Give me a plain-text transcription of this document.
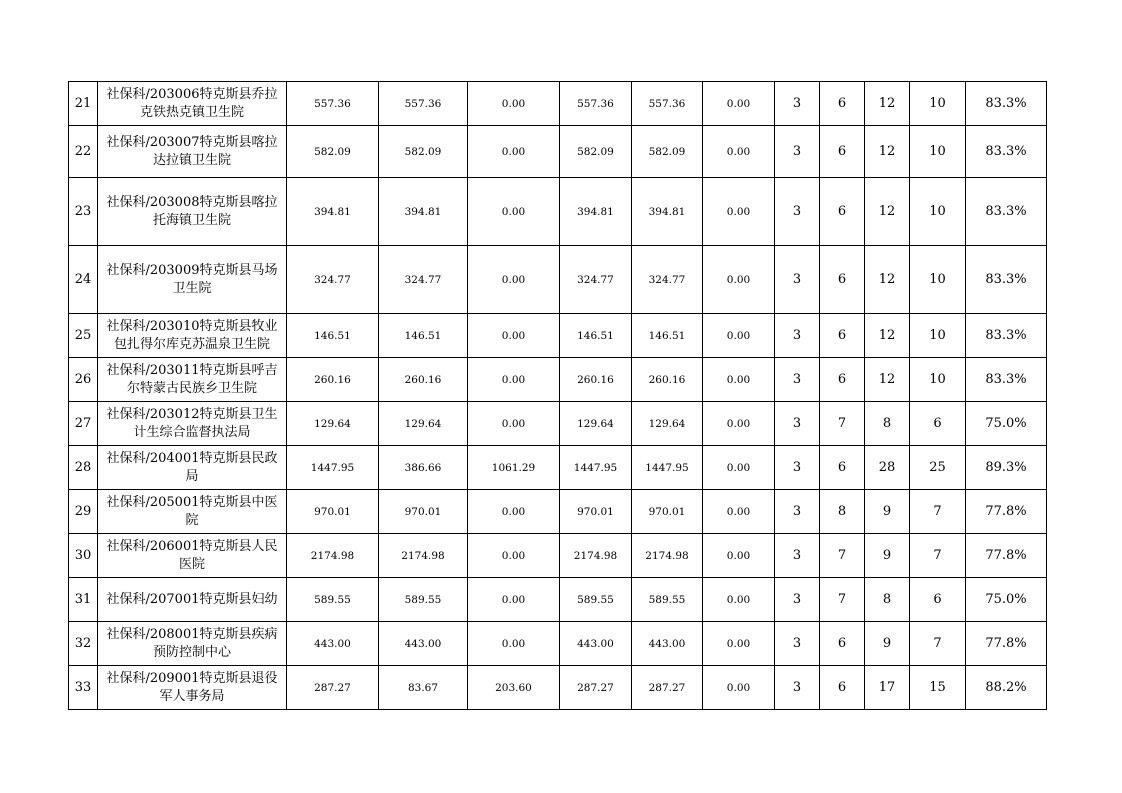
21	社保科/203006特克斯县乔拉克铁热克镇卫生院	557.36	557.36	0.00	557.36	557.36	0.00	3	6	12	10	83.3%
22	社保科/203007特克斯县喀拉达拉镇卫生院	582.09	582.09	0.00	582.09	582.09	0.00	3	6	12	10	83.3%
23	社保科/203008特克斯县喀拉托海镇卫生院	394.81	394.81	0.00	394.81	394.81	0.00	3	6	12	10	83.3%
24	社保科/203009特克斯县马场卫生院	324.77	324.77	0.00	324.77	324.77	0.00	3	6	12	10	83.3%
25	社保科/203010特克斯县牧业包扎得尔库克苏温泉卫生院	146.51	146.51	0.00	146.51	146.51	0.00	3	6	12	10	83.3%
26	社保科/203011特克斯县呼吉尔特蒙古民族乡卫生院	260.16	260.16	0.00	260.16	260.16	0.00	3	6	12	10	83.3%
27	社保科/203012特克斯县卫生计生综合监督执法局	129.64	129.64	0.00	129.64	129.64	0.00	3	7	8	6	75.0%
28	社保科/204001特克斯县民政局	1447.95	386.66	1061.29	1447.95	1447.95	0.00	3	6	28	25	89.3%
29	社保科/205001特克斯县中医院	970.01	970.01	0.00	970.01	970.01	0.00	3	8	9	7	77.8%
30	社保科/206001特克斯县人民医院	2174.98	2174.98	0.00	2174.98	2174.98	0.00	3	7	9	7	77.8%
31	社保科/207001特克斯县妇幼	589.55	589.55	0.00	589.55	589.55	0.00	3	7	8	6	75.0%
32	社保科/208001特克斯县疾病预防控制中心	443.00	443.00	0.00	443.00	443.00	0.00	3	6	9	7	77.8%
33	社保科/209001特克斯县退役军人事务局	287.27	83.67	203.60	287.27	287.27	0.00	3	6	17	15	88.2%
